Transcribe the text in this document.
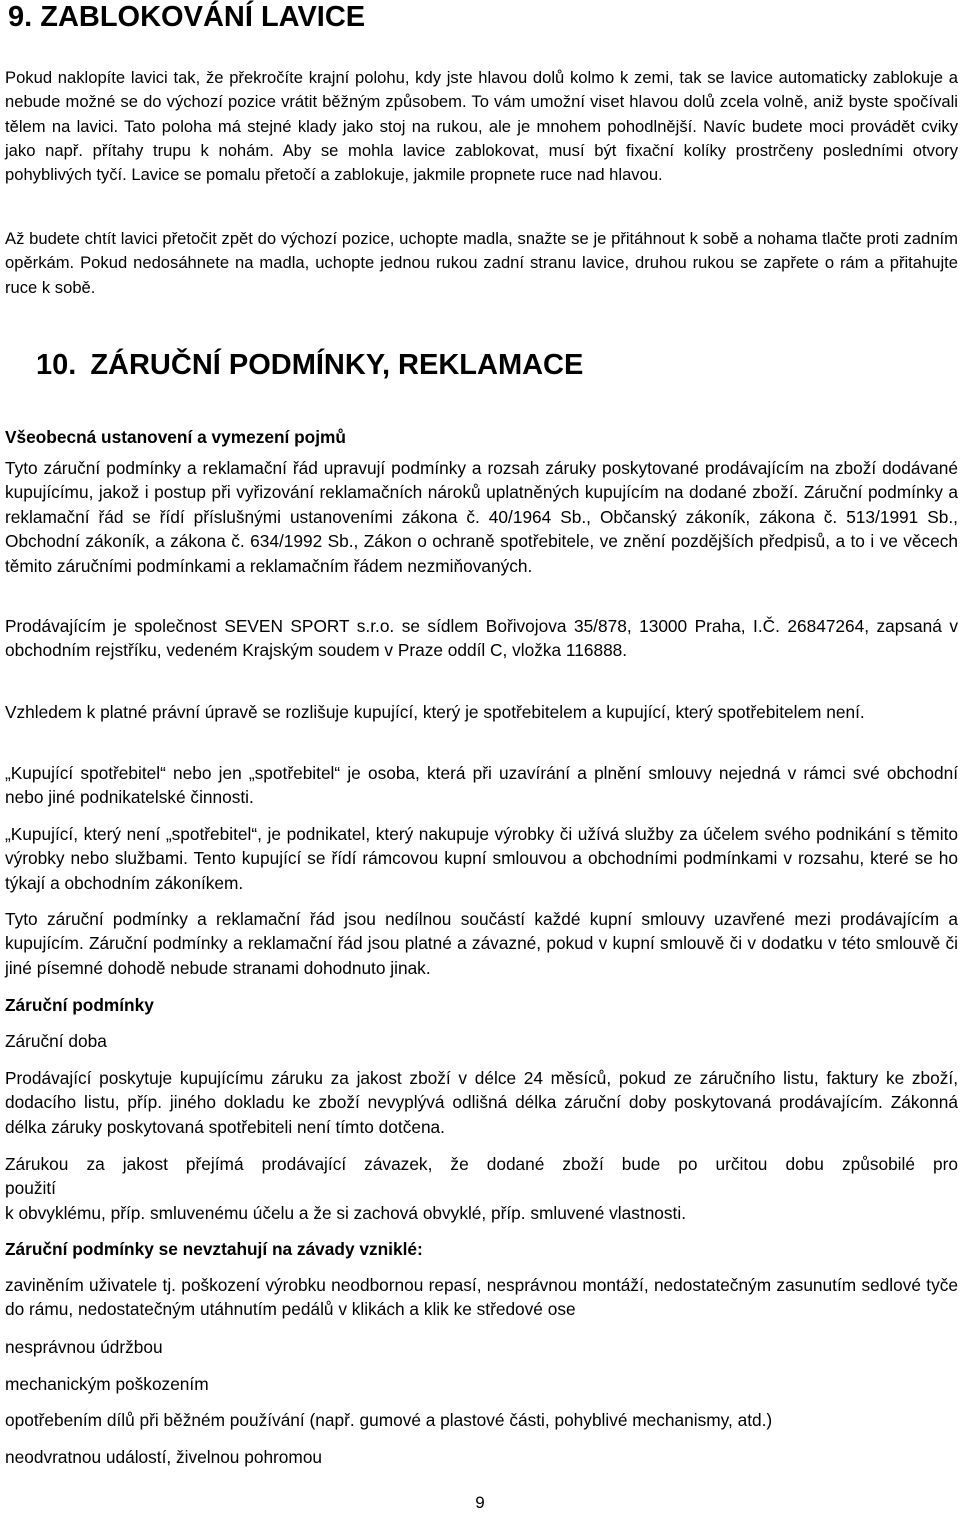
9. ZABLOKOVÁNÍ LAVICE

Pokud naklopíte lavici tak, že překročíte krajní polohu, kdy jste hlavou dolů kolmo k zemi, tak se lavice automaticky zablokuje a nebude možné se do výchozí pozice vrátit běžným způsobem. To vám umožní viset hlavou dolů zcela volně, aniž byste spočívali tělem na lavici. Tato poloha má stejné klady jako stoj na rukou, ale je mnohem pohodlnější. Navíc budete moci provádět cviky jako např. přítahy trupu k nohám. Aby se mohla lavice zablokovat, musí být fixační kolíky prostrčeny posledními otvory pohyblivých tyčí. Lavice se pomalu přetočí a zablokuje, jakmile propnete ruce nad hlavou.

Až budete chtít lavici přetočit zpět do výchozí pozice, uchopte madla, snažte se je přitáhnout k sobě a nohama tlačte proti zadním opěrkám. Pokud nedosáhnete na madla, uchopte jednou rukou zadní stranu lavice, druhou rukou se zapřete o rám a přitahujte ruce k sobě.

10. ZÁRUČNÍ PODMÍNKY, REKLAMACE

Všeobecná ustanovení a vymezení pojmů

Tyto záruční podmínky a reklamační řád upravují podmínky a rozsah záruky poskytované prodávajícím na zboží dodávané kupujícímu, jakož i postup při vyřizování reklamačních nároků uplatněných kupujícím na dodané zboží. Záruční podmínky a reklamační řád se řídí příslušnými ustanoveními zákona č. 40/1964 Sb., Občanský zákoník, zákona č. 513/1991 Sb., Obchodní zákoník, a zákona č. 634/1992 Sb., Zákon o ochraně spotřebitele, ve znění pozdějších předpisů, a to i ve věcech těmito záručními podmínkami a reklamačním řádem nezmiňovaných.

Prodávajícím je společnost SEVEN SPORT s.r.o. se sídlem Bořivojova 35/878, 13000 Praha, I.Č. 26847264, zapsaná v obchodním rejstříku, vedeném Krajským soudem v Praze oddíl C, vložka 116888.

Vzhledem k platné právní úpravě se rozlišuje kupující, který je spotřebitelem a kupující, který spotřebitelem není.

„Kupující spotřebitel“ nebo jen „spotřebitel“ je osoba, která při uzavírání a plnění smlouvy nejedná v rámci své obchodní nebo jiné podnikatelské činnosti.

„Kupující, který není „spotřebitel“, je podnikatel, který nakupuje výrobky či užívá služby za účelem svého podnikání s těmito výrobky nebo službami. Tento kupující se řídí rámcovou kupní smlouvou a obchodními podmínkami v rozsahu, které se ho týkají a obchodním zákoníkem.

Tyto záruční podmínky a reklamační řád jsou nedílnou součástí každé kupní smlouvy uzavřené mezi prodávajícím a kupujícím. Záruční podmínky a reklamační řád jsou platné a závazné, pokud v kupní smlouvě či v dodatku v této smlouvě či jiné písemné dohodě nebude stranami dohodnuto jinak.

Záruční podmínky

Záruční doba

Prodávající poskytuje kupujícímu záruku za jakost zboží v délce 24 měsíců, pokud ze záručního listu, faktury ke zboží, dodacího listu, příp. jiného dokladu ke zboží nevyplývá odlišná délka záruční doby poskytovaná prodávajícím. Zákonná délka záruky poskytovaná spotřebiteli není tímto dotčena.

Zárukou za jakost přejímá prodávající závazek, že dodané zboží bude po určitou dobu způsobilé pro
použití
k obvyklému, příp. smluvenému účelu a že si zachová obvyklé, příp. smluvené vlastnosti.

Záruční podmínky se nevztahují na závady vzniklé:

zaviněním uživatele tj. poškození výrobku neodbornou repasí, nesprávnou montáží, nedostatečným zasunutím sedlové tyče do rámu, nedostatečným utáhnutím pedálů v klikách a klik ke středové ose

nesprávnou údržbou

mechanickým poškozením

opotřebením dílů při běžném používání (např. gumové a plastové části, pohyblivé mechanismy, atd.)

neodvratnou událostí, živelnou pohromou

9
